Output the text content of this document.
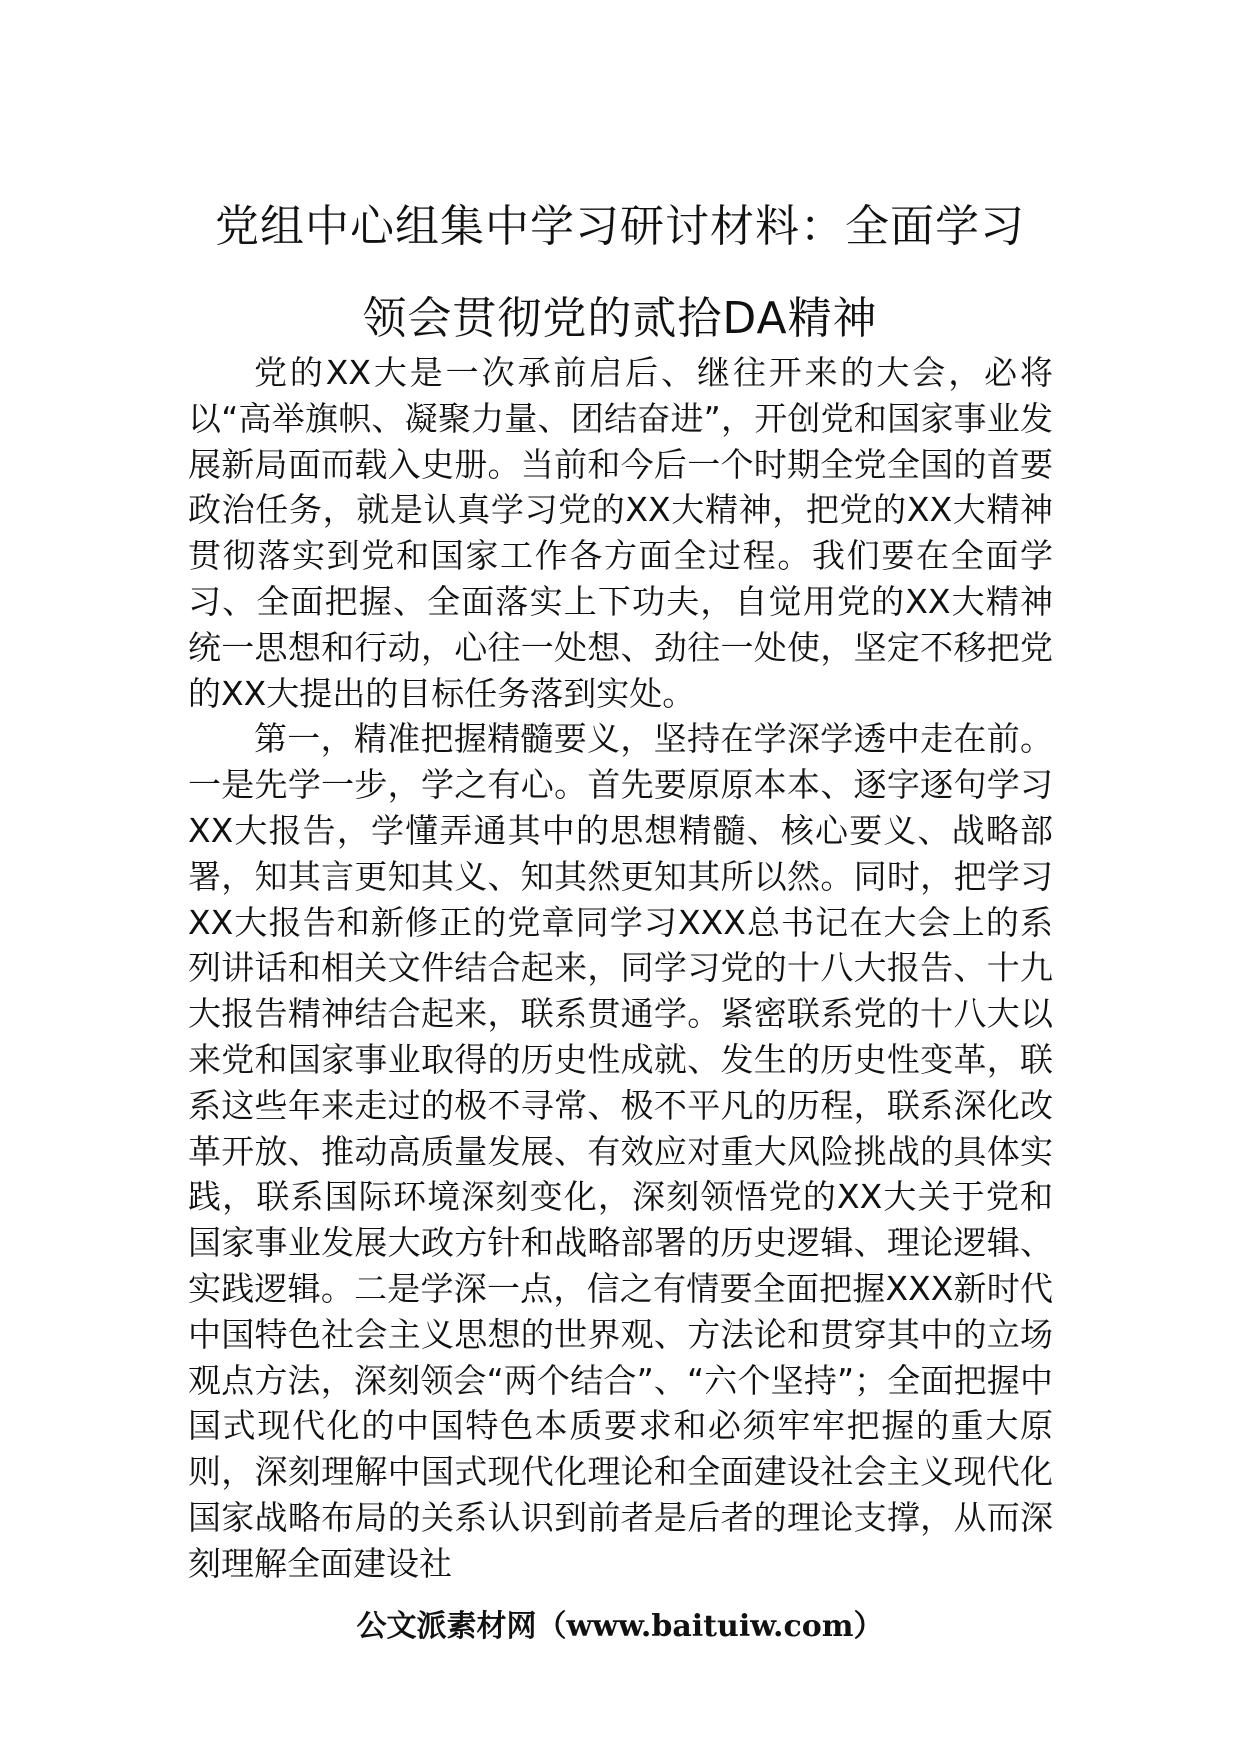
党组中心组集中学习研讨材料：全面学习
领会贯彻党的贰拾DA精神

党的XX大是一次承前启后、继往开来的大会，必将以“高举旗帜、凝聚力量、团结奋进”，开创党和国家事业发展新局面而载入史册。当前和今后一个时期全党全国的首要政治任务，就是认真学习党的XX大精神，把党的XX大精神贯彻落实到党和国家工作各方面全过程。我们要在全面学习、全面把握、全面落实上下功夫，自觉用党的XX大精神统一思想和行动，心往一处想、劲往一处使，坚定不移把党的XX大提出的目标任务落到实处。

第一，精准把握精髓要义，坚持在学深学透中走在前。一是先学一步，学之有心。首先要原原本本、逐字逐句学习XX大报告，学懂弄通其中的思想精髓、核心要义、战略部署，知其言更知其义、知其然更知其所以然。同时，把学习XX大报告和新修正的党章同学习XXX总书记在大会上的系列讲话和相关文件结合起来，同学习党的十八大报告、十九大报告精神结合起来，联系贯通学。紧密联系党的十八大以来党和国家事业取得的历史性成就、发生的历史性变革，联系这些年来走过的极不寻常、极不平凡的历程，联系深化改革开放、推动高质量发展、有效应对重大风险挑战的具体实践，联系国际环境深刻变化，深刻领悟党的XX大关于党和国家事业发展大政方针和战略部署的历史逻辑、理论逻辑、实践逻辑。二是学深一点，信之有情要全面把握XXX新时代中国特色社会主义思想的世界观、方法论和贯穿其中的立场观点方法，深刻领会“两个结合”、“六个坚持”；全面把握中国式现代化的中国特色本质要求和必须牢牢把握的重大原则，深刻理解中国式现代化理论和全面建设社会主义现代化国家战略布局的关系认识到前者是后者的理论支撑，从而深刻理解全面建设社

公文派素材网（www.baituiw.com）
